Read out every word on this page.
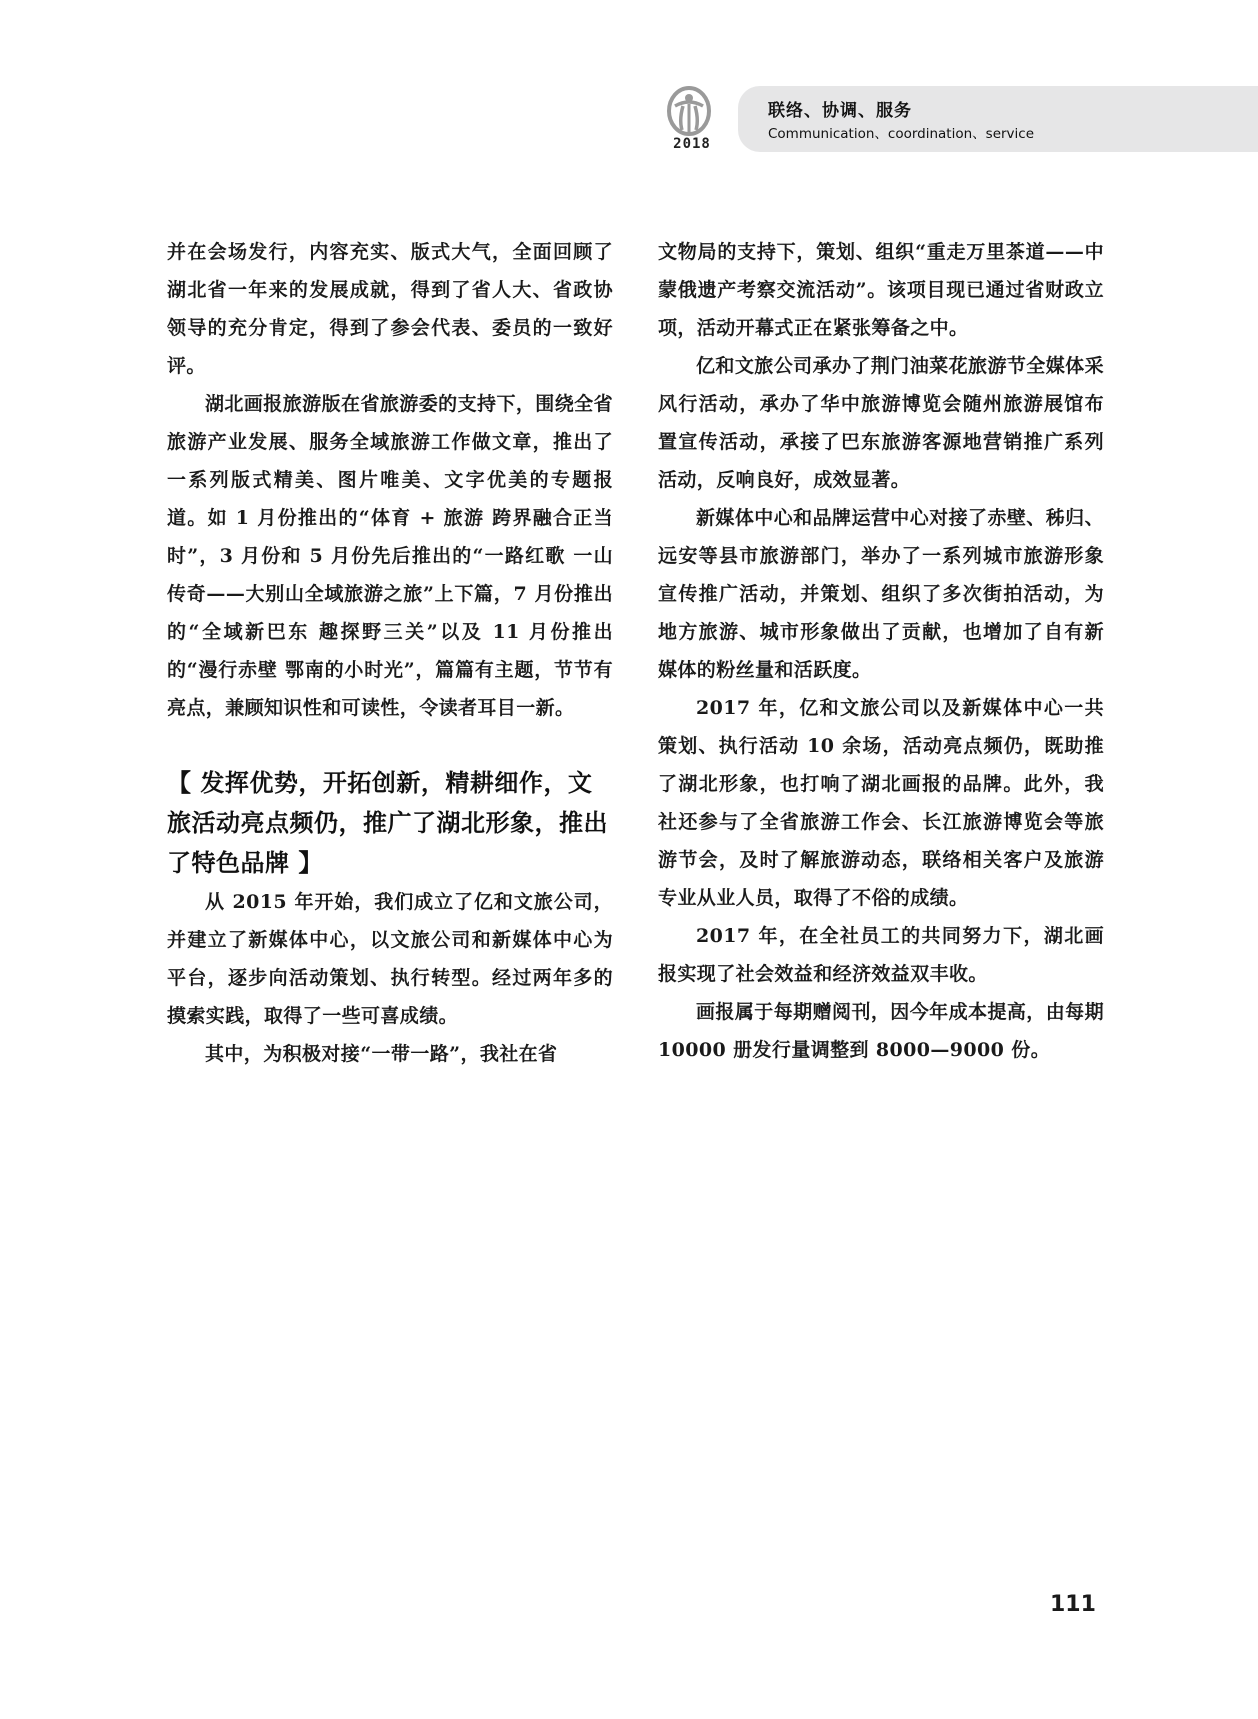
2018
联络、协调、服务
Communication、coordination、service

并在会场发行，内容充实、版式大气，全面回顾了湖北省一年来的发展成就，得到了省人大、省政协领导的充分肯定，得到了参会代表、委员的一致好评。

湖北画报旅游版在省旅游委的支持下，围绕全省旅游产业发展、服务全域旅游工作做文章，推出了一系列版式精美、图片唯美、文字优美的专题报道。如 1 月份推出的“体育 + 旅游 跨界融合正当时”，3 月份和 5 月份先后推出的“一路红歌 一山传奇——大别山全域旅游之旅”上下篇，7 月份推出的“全域新巴东 趣探野三关”以及 11 月份推出的“漫行赤壁 鄂南的小时光”，篇篇有主题，节节有亮点，兼顾知识性和可读性，令读者耳目一新。

【 发挥优势，开拓创新，精耕细作，文旅活动亮点频仍，推广了湖北形象，推出了特色品牌 】

从 2015 年开始，我们成立了亿和文旅公司，并建立了新媒体中心，以文旅公司和新媒体中心为平台，逐步向活动策划、执行转型。经过两年多的摸索实践，取得了一些可喜成绩。

其中，为积极对接“一带一路”，我社在省

文物局的支持下，策划、组织“重走万里茶道——中蒙俄遗产考察交流活动”。该项目现已通过省财政立项，活动开幕式正在紧张筹备之中。

亿和文旅公司承办了荆门油菜花旅游节全媒体采风行活动，承办了华中旅游博览会随州旅游展馆布置宣传活动，承接了巴东旅游客源地营销推广系列活动，反响良好，成效显著。

新媒体中心和品牌运营中心对接了赤壁、秭归、远安等县市旅游部门，举办了一系列城市旅游形象宣传推广活动，并策划、组织了多次街拍活动，为地方旅游、城市形象做出了贡献，也增加了自有新媒体的粉丝量和活跃度。

2017 年，亿和文旅公司以及新媒体中心一共策划、执行活动 10 余场，活动亮点频仍，既助推了湖北形象，也打响了湖北画报的品牌。此外，我社还参与了全省旅游工作会、长江旅游博览会等旅游节会，及时了解旅游动态，联络相关客户及旅游专业从业人员，取得了不俗的成绩。

2017 年，在全社员工的共同努力下，湖北画报实现了社会效益和经济效益双丰收。

画报属于每期赠阅刊，因今年成本提高，由每期 10000 册发行量调整到 8000—9000 份。

111
